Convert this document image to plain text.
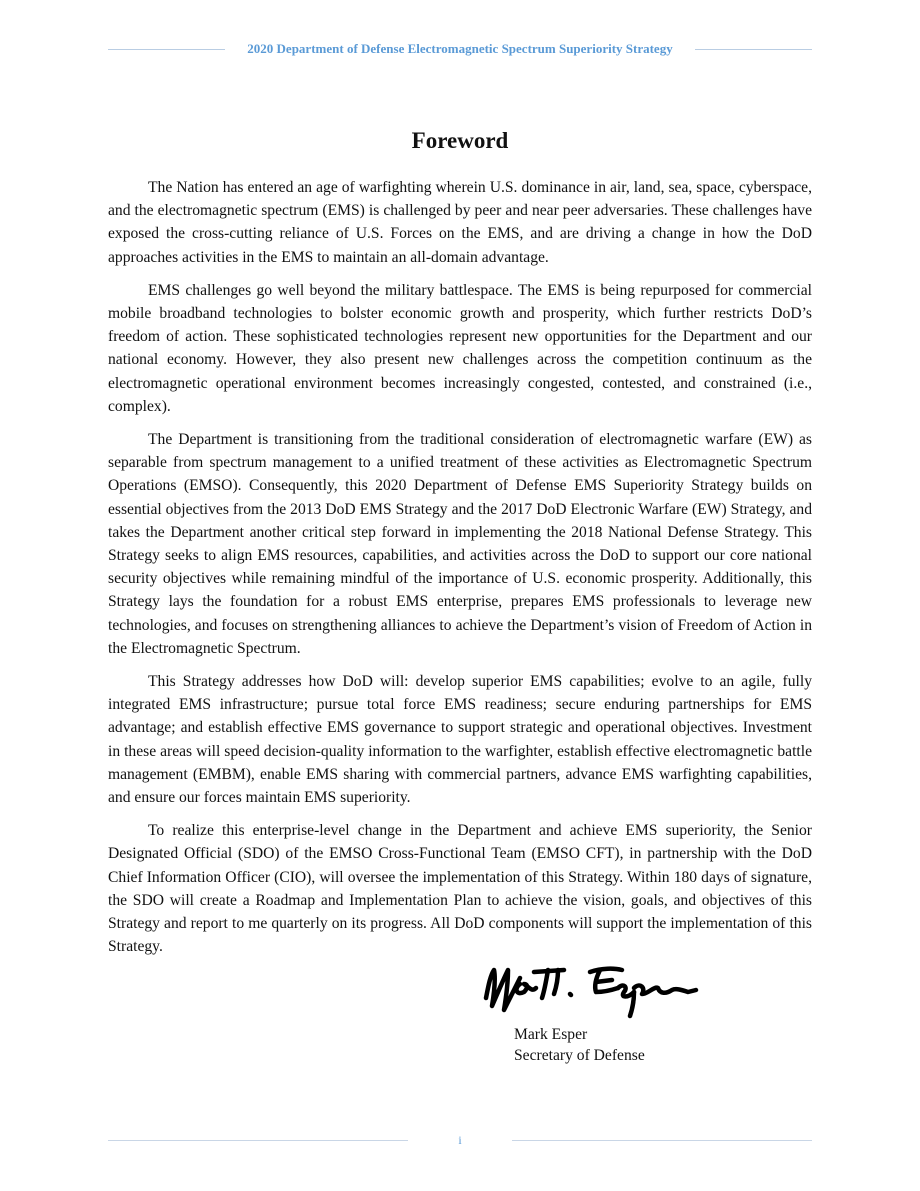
2020 Department of Defense Electromagnetic Spectrum Superiority Strategy
Foreword

The Nation has entered an age of warfighting wherein U.S. dominance in air, land, sea, space, cyberspace, and the electromagnetic spectrum (EMS) is challenged by peer and near peer adversaries. These challenges have exposed the cross-cutting reliance of U.S. Forces on the EMS, and are driving a change in how the DoD approaches activities in the EMS to maintain an all-domain advantage.

EMS challenges go well beyond the military battlespace. The EMS is being repurposed for commercial mobile broadband technologies to bolster economic growth and prosperity, which further restricts DoD’s freedom of action. These sophisticated technologies represent new opportunities for the Department and our national economy. However, they also present new challenges across the competition continuum as the electromagnetic operational environment becomes increasingly congested, contested, and constrained (i.e., complex).

The Department is transitioning from the traditional consideration of electromagnetic warfare (EW) as separable from spectrum management to a unified treatment of these activities as Electromagnetic Spectrum Operations (EMSO). Consequently, this 2020 Department of Defense EMS Superiority Strategy builds on essential objectives from the 2013 DoD EMS Strategy and the 2017 DoD Electronic Warfare (EW) Strategy, and takes the Department another critical step forward in implementing the 2018 National Defense Strategy. This Strategy seeks to align EMS resources, capabilities, and activities across the DoD to support our core national security objectives while remaining mindful of the importance of U.S. economic prosperity. Additionally, this Strategy lays the foundation for a robust EMS enterprise, prepares EMS professionals to leverage new technologies, and focuses on strengthening alliances to achieve the Department’s vision of Freedom of Action in the Electromagnetic Spectrum.

This Strategy addresses how DoD will: develop superior EMS capabilities; evolve to an agile, fully integrated EMS infrastructure; pursue total force EMS readiness; secure enduring partnerships for EMS advantage; and establish effective EMS governance to support strategic and operational objectives. Investment in these areas will speed decision-quality information to the warfighter, establish effective electromagnetic battle management (EMBM), enable EMS sharing with commercial partners, advance EMS warfighting capabilities, and ensure our forces maintain EMS superiority.

To realize this enterprise-level change in the Department and achieve EMS superiority, the Senior Designated Official (SDO) of the EMSO Cross-Functional Team (EMSO CFT), in partnership with the DoD Chief Information Officer (CIO), will oversee the implementation of this Strategy. Within 180 days of signature, the SDO will create a Roadmap and Implementation Plan to achieve the vision, goals, and objectives of this Strategy and report to me quarterly on its progress. All DoD components will support the implementation of this Strategy.

Mark Esper
Secretary of Defense
i
